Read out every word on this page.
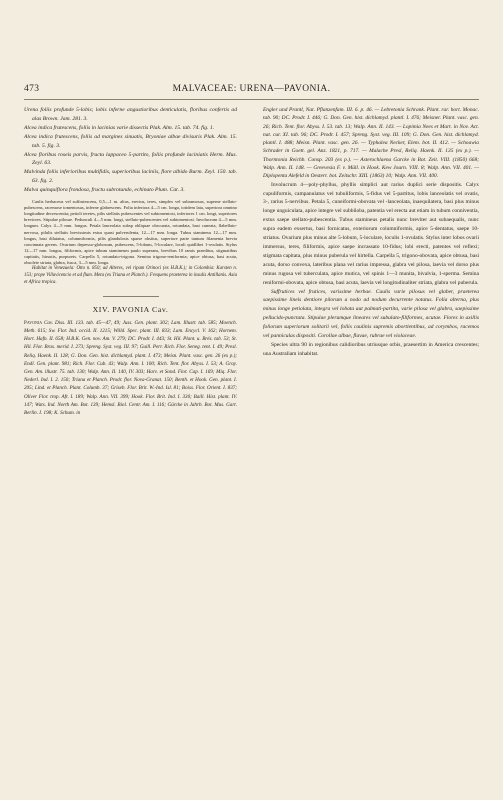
473	MALVACEAE: URENA—PAVONIA.

Urena foliis profunde 5-lobis; lobis inferne angustioribus denticulatis, floribus confertis ad alas Brown. Jam. 281. 3.

Alcea indica frutescens, foliis in lacinias varie dissectis Plak. Alm. 15. tab. 74. fig. 1.

Alcea indica frutescens, foliis ad margines sinuatis, Bryoniae albae divisuris Plak. Alm. 15. tab. 5. fig. 3.

Alcea floribus roseis parvis, fructu lappaceo 5-partito, foliis profunde laciniatis Herm. Mus. Zeyl. 63.

Malvinda foliis inferioribus multifidis, superioribus laciniis, flore albido Burm. Zeyl. 150. tab. 63. fig. 2.

Malva quinquiflora frondosa, fructu subrotundo, echinato Plum. Cat. 3.

Caulis herbaceus vel suffrutescens, 0,5—1 m. altus, erectus, teres, simplex vel subramosus, superne stellato-pubescens, racemose tomentosus, inferne glabrescens. Folia inferiora 4—5 cm. longa, totidem lata, superiora omnino longitudine decrescentia; petioli teretes, pilis stellatis pubescentes vel subtomentosi, inferiores 1 cm. longi, superiores breviores. Stipulae pilosae. Pedunculi 4—5 mm. longi, stellato-pubescentes vel subtomentosi. Involucrum 4—5 mm. longum. Calyx 4—5 mm. longus. Petala lanceolata subsp obliquae obscurata, rotundata, basi cuneata, flabellato-nervosa, pilulis stellatis brevissimis extus quasi pulverulenta, 12—17 mm. longa. Tubus stamineus 12—17 mm. longus, basi dilatatus, columniformis, pilis glandulosis sparse obsitus, superiore parte tantum filamenta brevia concinnata gerens. Ovarium depresso-globosum, pubescens, 5-lobum, 5-loculare, loculi quidlibet 1-ovulatis. Stylus 12—17 mm. longus, filiformis, apice tubum stamineum paulo superans, brevibus 10 ramis praeditus, stigmatibus capitatis, hirsutis, purpureis. Carpella 5, rotundato-trigona. Semina trigono-reniformia; apice obtusa, basi acuta, obsolete striata, glabra, fusca, 3—5 mm. longa.

Habitat in Venezuela: Otto n. 850; ad Alteres, vel ripam Orinoci (ex H.B.K.); in Colombia: Karsten n. 153; prope Villavicencio et ad flum. Meta (ex Triana et Planch.). Frequens praeterea in insulis Antillanis. Asia et Africa tropica.

XIV. PAVONIA Cav.

Pavonia Cav. Diss. III. 133. tab. 45—47, 49; Juss. Gen. plant. 302; Lam. Illustr. tab. 585; Moench. Meth. 615; Sw. Flor. Ind. occid. II. 1215; Willd. Spec. plant. III. 833; Lam. Encycl. V. 162; Hornem. Hort. Hafn. II. 658; H.B.K. Gen. nov. Am. V. 279; DC. Prodr. I. 443; St. Hil. Plant. u. Brés. tab. 53; St. Hil. Flor. Bras. merid. I. 273; Spreng. Syst. veg. III. 97; Guill. Perr. Rich. Flor. Seneg. tent. I. 49; Presl. Reliq. Haenk. II. 128; G. Don. Gen. hist. dichlamyd. plant. I. 473; Meisn. Plant. vasc. gen. 26 (ex p.); Endl. Gen. plant. 981; Rich. Flor. Cub. 43; Walp. Ann. I. 100; Rich. Tent. flor. Abyss. I. 53; A. Gray. Gen. Am. illustr. 75. tab. 130; Walp. Ann. II. 140, IV. 303; Harv. et Sond. Flor. Cap. I. 169; Miq. Flor. Nederl. Ind. I. 2. 150; Triana et Planch. Prodr. flor. Nova-Granat. 150; Benth. et Hook. Gen. plant. I. 205; Lind. et Planch. Plant. Columb. 37; Griseb. Flor. Brit. W.-Ind. Isl. 81; Boiss. Flor. Orient. I. 837; Oliver Flor. trop. Afr. I. 189; Walp. Ann. VII. 399; Hook. Flor. Brit. Ind. I. 330; Baill. Hist. plant. IV. 147; Wats. Ind. North Am. Bot. 139; Hemsl. Biol. Centr. Am. I. 116; Gürcke in Jahrb. Bot. Mus. Gart. Berlin. I. 198; K. Schum. in

Engler und Prantl, Nat. Pflanzenfam. III. 6. p. 46. — Lebretonia Schrank. Plant. rar. hort. Monac. tab. 90; DC. Prodr. I. 446; G. Don. Gen. hist. dichlamyd. plantl. I. 476; Meisner. Plant. vasc. gen. 26; Rich. Tent. flor. Abyss. I. 53. tab. 13; Walp. Ann. II. 143. — Lopimia Nees et Mart. in Nov. Act. nat. cur. XI. tab. 96; DC. Prodr. I. 457; Spreng. Syst. veg. III. 109; G. Don. Gen. hist. dichlamyd. plantl. I. 488; Meisn. Plant. vasc. gen. 26. — Typhalea Necker, Elem. bot. II. 412. — Schouwia Schrader in Goett. gel. Anz. 1821, p. 717. — Malache Presl, Reliq. Haenk. II. 135 (ex p.). — Thorntonia Reichb. Consp. 203 (ex p.). — Asterochlaena Garcke in Bot. Zeit. VIII. (1850) 668; Walp. Ann. II. 148. — Greevesia F. v. Müll. in Hook. Kew Journ. VIII. 8; Walp. Ann. VII. 401. — Diplopenta Alefeld in Oesterr. bot. Zeitschr. XIII. (1863) 10; Walp. Ann. VII. 400.

Involucrum 4—poly-phyllus, phyllis simplici aut rarius duplici serie dispositis. Calyx cupuliformis, campanulatus vel tubuliformis, 5-fidus vel 5-partitus, lobis lanceolatis vel ovatis, 3-, rarius 5-nervibus. Petala 5, cuneiformi-obovata vel -lanceolata, inaequilatera, basi plus minus longe unguiculata, apice integre vel subbiloba, patentia vel erecta aut etiam in tubum conniventia, extus saepe stellato-pubescentia. Tubus stamineus petalis nunc breviter aut subaequalis, nunc supra eadem exsertus, basi fornicatus, exteriorum columniformis, apice 5-dentatus, saepe 10-striatus. Ovarium plus minus alte 5-lobum, 5-loculare, loculis 1-ovulatis. Stylus inter lobos ovarii immersus, teres, filiformis, apice saepe incrassato 10-fidus; lobi erecti, patentes vel reflexi; stigmata capitata, plus minus puberula vel hirtella. Carpella 5, trigono-obovata, apice obtusa, basi acuta, dorso convexa, lateribus plana vel rarius impressa, glabra vel pilosa, laevia vel dorso plus minus rugosa vel tuberculata, apice mutica, vel spinis 1—3 munita, bivalvia, 1-sperma. Semina reniformi-obovata, apice obtusa, basi acuta, laevia vel longitudinaliter striata, glabra vel puberula.

Suffrutices vel frutices, varissime herbae. Caulis varie pilosus vel glaber, praeterea saepissime lineis dentiore pilorum a nodo ad nodum decurrente notatus. Folia alterna, plus minus longe petiolata, integra vel lobata aut palmati-partita, varie pilosa vel glabra, saepissime pellucido-punctata. Stipulae plerumque lineares vel subulato-filiformes, acutae. Flores in axillis foliorum superiorum solitarii vel, foliis caulinis supremis abortientibus, ad corymbos, racemos vel panniculas dispositi. Corollae albae, flavae, rubrae vel violaceae.

Species ultra 90 in regionibus calidioribus utriusque orbis, praesertim in America crescentes; una Australiam inhabitat.
